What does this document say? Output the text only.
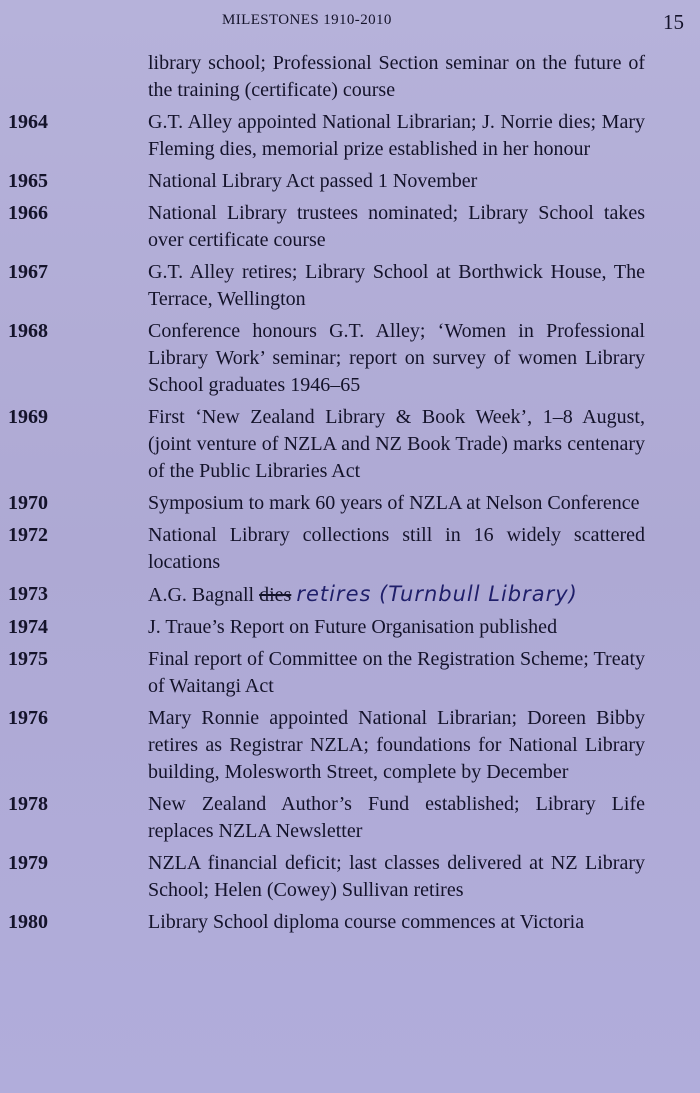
MILESTONES 1910-2010	15
library school; Professional Section seminar on the future of the training (certificate) course
1964	G.T. Alley appointed National Librarian; J. Norrie dies; Mary Fleming dies, memorial prize established in her honour
1965	National Library Act passed 1 November
1966	National Library trustees nominated; Library School takes over certificate course
1967	G.T. Alley retires; Library School at Borthwick House, The Terrace, Wellington
1968	Conference honours G.T. Alley; ‘Women in Professional Library Work’ seminar; report on survey of women Library School graduates 1946–65
1969	First ‘New Zealand Library & Book Week’, 1–8 August, (joint venture of NZLA and NZ Book Trade) marks centenary of the Public Libraries Act
1970	Symposium to mark 60 years of NZLA at Nelson Conference
1972	National Library collections still in 16 widely scattered locations
1973	A.G. Bagnall dies retires (Turnbull Library)
1974	J. Traue’s Report on Future Organisation published
1975	Final report of Committee on the Registration Scheme; Treaty of Waitangi Act
1976	Mary Ronnie appointed National Librarian; Doreen Bibby retires as Registrar NZLA; foundations for National Library building, Molesworth Street, complete by December
1978	New Zealand Author’s Fund established; Library Life replaces NZLA Newsletter
1979	NZLA financial deficit; last classes delivered at NZ Library School; Helen (Cowey) Sullivan retires
1980	Library School diploma course commences at Victoria
